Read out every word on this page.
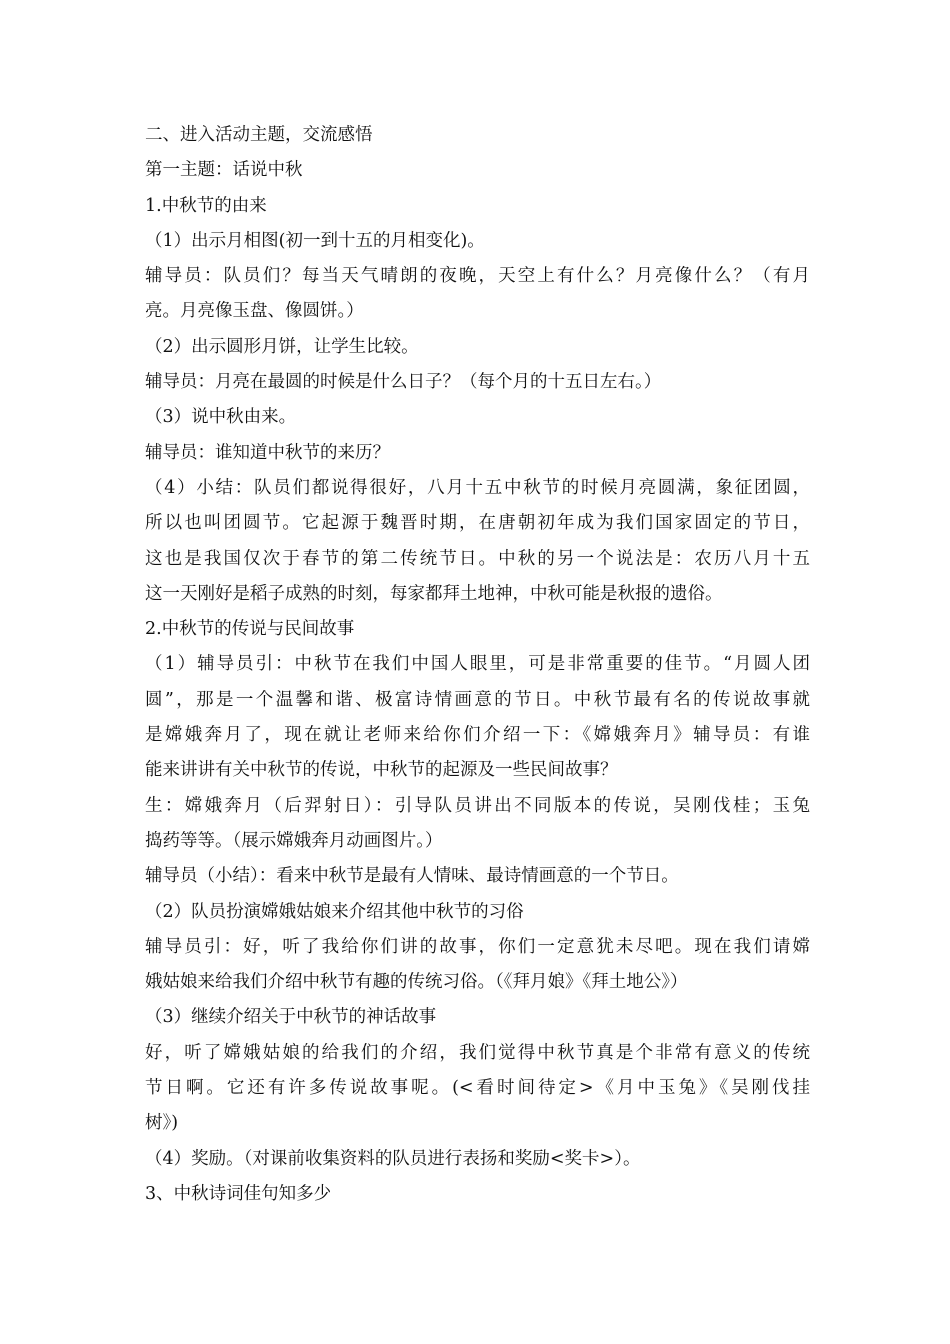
二、进入活动主题，交流感悟
第一主题：话说中秋
1.中秋节的由来
（1）出示月相图(初一到十五的月相变化)。
辅导员：队员们？每当天气晴朗的夜晚，天空上有什么？月亮像什么？（有月
亮。月亮像玉盘、像圆饼。）
（2）出示圆形月饼，让学生比较。
辅导员：月亮在最圆的时候是什么日子？（每个月的十五日左右。）
（3）说中秋由来。
辅导员：谁知道中秋节的来历？
（4）小结：队员们都说得很好，八月十五中秋节的时候月亮圆满，象征团圆，
所以也叫团圆节。它起源于魏晋时期，在唐朝初年成为我们国家固定的节日，
这也是我国仅次于春节的第二传统节日。中秋的另一个说法是：农历八月十五
这一天刚好是稻子成熟的时刻，每家都拜土地神，中秋可能是秋报的遗俗。
2.中秋节的传说与民间故事
（1）辅导员引：中秋节在我们中国人眼里，可是非常重要的佳节。“月圆人团
圆”，那是一个温馨和谐、极富诗情画意的节日。中秋节最有名的传说故事就
是嫦娥奔月了，现在就让老师来给你们介绍一下：《嫦娥奔月》辅导员：有谁
能来讲讲有关中秋节的传说，中秋节的起源及一些民间故事？
生：嫦娥奔月（后羿射日）：引导队员讲出不同版本的传说，吴刚伐桂；玉兔
捣药等等。（展示嫦娥奔月动画图片。）
辅导员（小结）：看来中秋节是最有人情味、最诗情画意的一个节日。
（2）队员扮演嫦娥姑娘来介绍其他中秋节的习俗
辅导员引：好，听了我给你们讲的故事，你们一定意犹未尽吧。现在我们请嫦
娥姑娘来给我们介绍中秋节有趣的传统习俗。（《拜月娘》《拜土地公》）
（3）继续介绍关于中秋节的神话故事
好，听了嫦娥姑娘的给我们的介绍，我们觉得中秋节真是个非常有意义的传统
节日啊。它还有许多传说故事呢。(<看时间待定>《月中玉兔》《吴刚伐挂
树》)
（4）奖励。（对课前收集资料的队员进行表扬和奖励<奖卡>）。
3、中秋诗词佳句知多少
